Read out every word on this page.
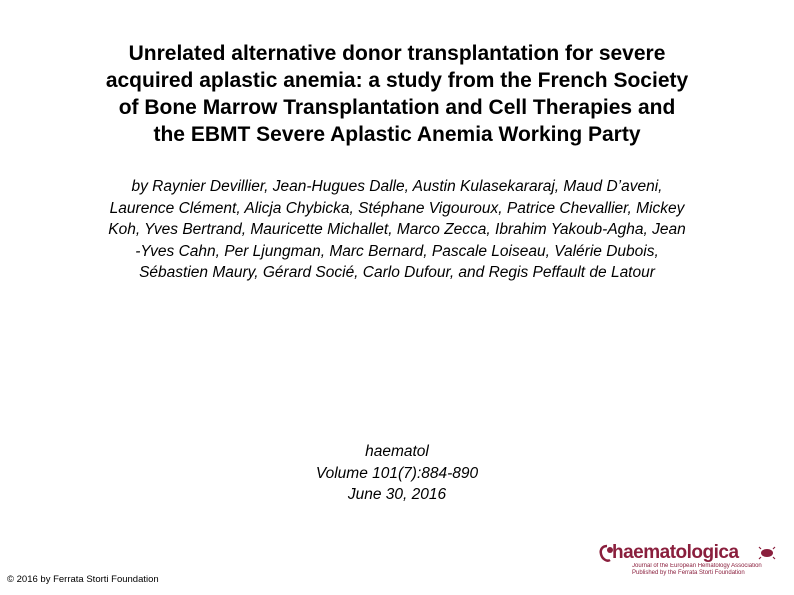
Unrelated alternative donor transplantation for severe
acquired aplastic anemia: a study from the French Society
of Bone Marrow Transplantation and Cell Therapies and
the EBMT Severe Aplastic Anemia Working Party
by Raynier Devillier, Jean-Hugues Dalle, Austin Kulasekararaj, Maud D’aveni,
Laurence Clément, Alicja Chybicka, Stéphane Vigouroux, Patrice Chevallier, Mickey
Koh, Yves Bertrand, Mauricette Michallet, Marco Zecca, Ibrahim Yakoub-Agha, Jean
-Yves Cahn, Per Ljungman, Marc Bernard, Pascale Loiseau, Valérie Dubois,
Sébastien Maury, Gérard Socié, Carlo Dufour, and Regis Peffault de Latour
haematol
Volume 101(7):884-890
June 30, 2016
© 2016 by Ferrata Storti Foundation
haematologica
Journal of the European Hematology Association
Published by the Ferrata Storti Foundation
